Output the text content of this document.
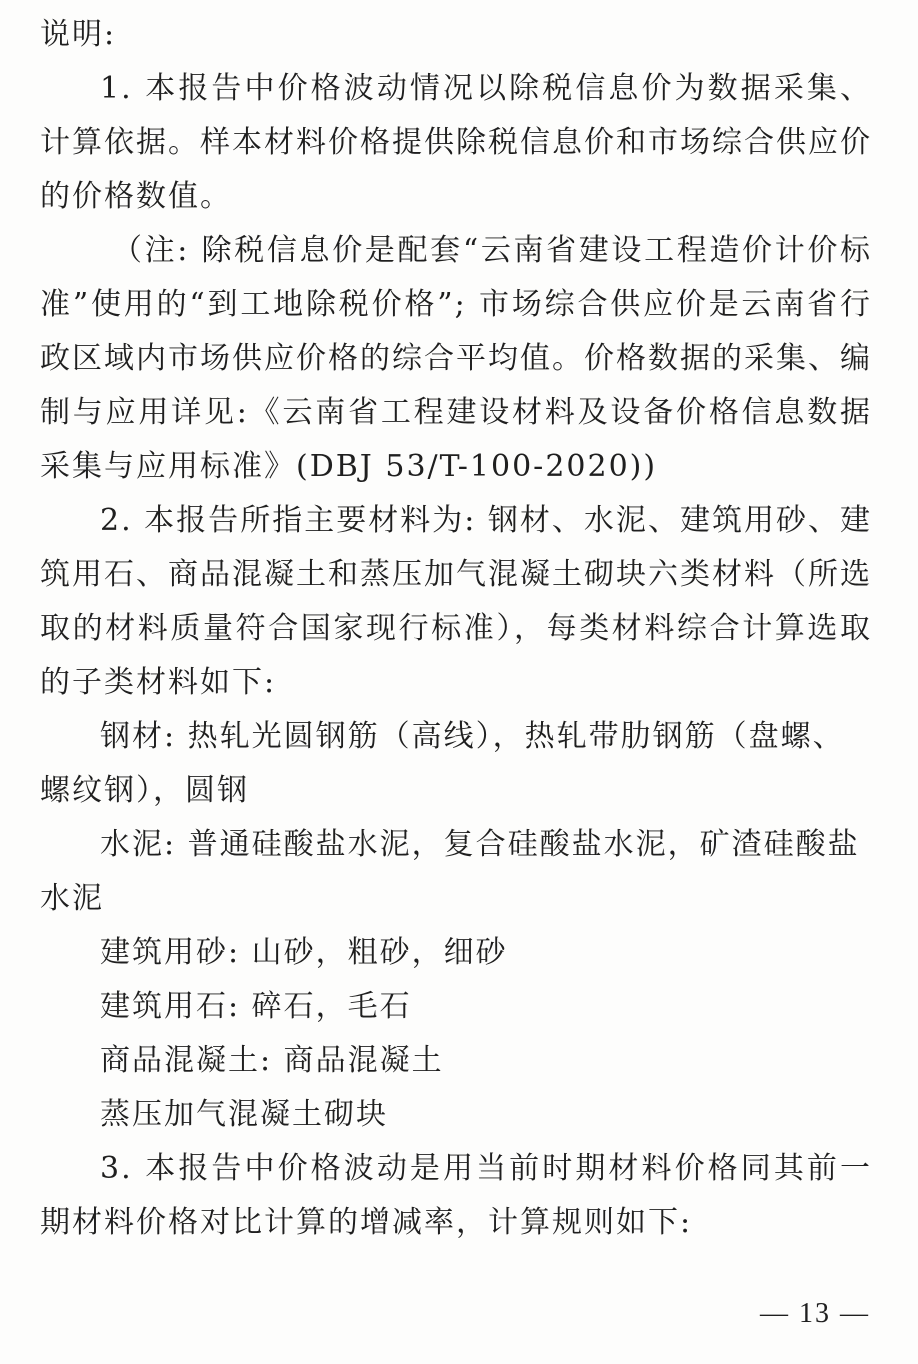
说明:

1. 本报告中价格波动情况以除税信息价为数据采集、计算依据。样本材料价格提供除税信息价和市场综合供应价的价格数值。

（注: 除税信息价是配套“云南省建设工程造价计价标准”使用的“到工地除税价格”; 市场综合供应价是云南省行政区域内市场供应价格的综合平均值。价格数据的采集、编制与应用详见:《云南省工程建设材料及设备价格信息数据采集与应用标准》(DBJ 53/T-100-2020))

2. 本报告所指主要材料为: 钢材、水泥、建筑用砂、建筑用石、商品混凝土和蒸压加气混凝土砌块六类材料（所选取的材料质量符合国家现行标准），每类材料综合计算选取的子类材料如下:

钢材: 热轧光圆钢筋（高线），热轧带肋钢筋（盘螺、螺纹钢），圆钢

水泥: 普通硅酸盐水泥，复合硅酸盐水泥，矿渣硅酸盐水泥

建筑用砂: 山砂，粗砂，细砂

建筑用石: 碎石，毛石

商品混凝土: 商品混凝土

蒸压加气混凝土砌块

3. 本报告中价格波动是用当前时期材料价格同其前一期材料价格对比计算的增减率，计算规则如下:

— 13 —
